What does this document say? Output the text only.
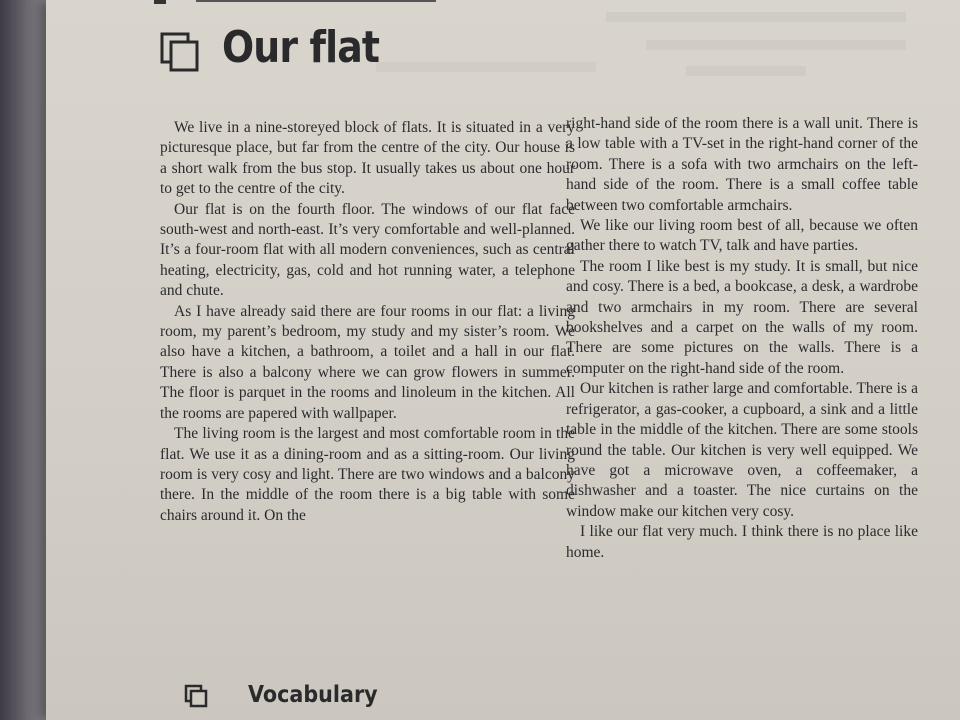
Our flat

We live in a nine-storeyed block of flats. It is situated in a very picturesque place, but far from the centre of the city. Our house is a short walk from the bus stop. It usually takes us about one hour to get to the centre of the city.

Our flat is on the fourth floor. The windows of our flat face south-west and north-east. It’s very comfortable and well-planned. It’s a four-room flat with all modern conveniences, such as central heating, electricity, gas, cold and hot running water, a telephone and chute.

As I have already said there are four rooms in our flat: a living room, my parent’s bedroom, my study and my sister’s room. We also have a kitchen, a bathroom, a toilet and a hall in our flat. There is also a balcony where we can grow flowers in summer. The floor is parquet in the rooms and linoleum in the kitchen. All the rooms are papered with wallpaper.

The living room is the largest and most comfortable room in the flat. We use it as a dining-room and as a sitting-room. Our living room is very cosy and light. There are two windows and a balcony there. In the middle of the room there is a big table with some chairs around it. On the

right-hand side of the room there is a wall unit. There is a low table with a TV-set in the right-hand corner of the room. There is a sofa with two armchairs on the left-hand side of the room. There is a small coffee table between two comfortable armchairs.

We like our living room best of all, because we often gather there to watch TV, talk and have parties.

The room I like best is my study. It is small, but nice and cosy. There is a bed, a bookcase, a desk, a wardrobe and two armchairs in my room. There are several bookshelves and a carpet on the walls of my room. There are some pictures on the walls. There is a computer on the right-hand side of the room.

Our kitchen is rather large and comfortable. There is a refrigerator, a gas-cooker, a cupboard, a sink and a little table in the middle of the kitchen. There are some stools round the table. Our kitchen is very well equipped. We have got a microwave oven, a coffeemaker, a dishwasher and a toaster. The nice curtains on the window make our kitchen very cosy.

I like our flat very much. I think there is no place like home.

Vocabulary
